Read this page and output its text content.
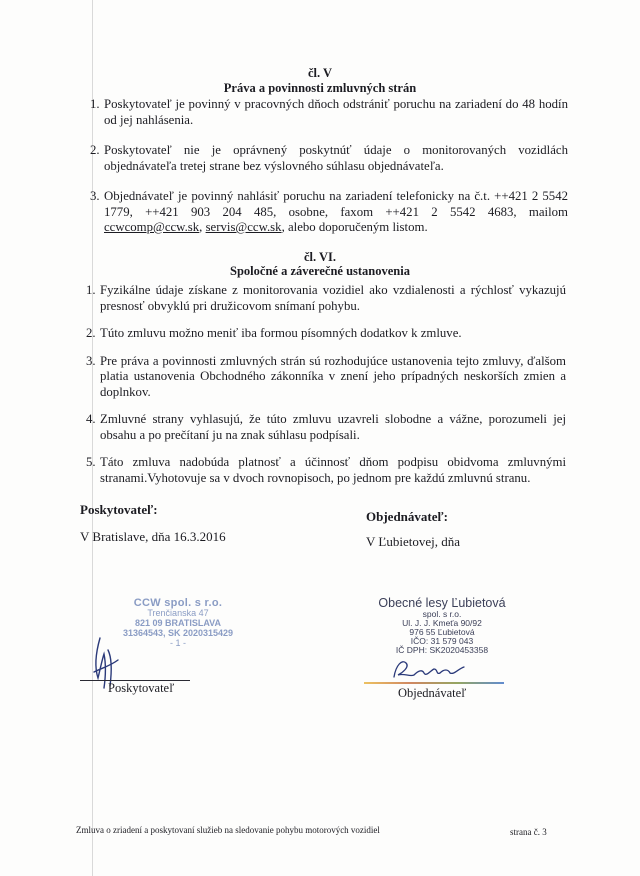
čl. V
Práva a povinnosti zmluvných strán
1. Poskytovateľ je povinný v pracovných dňoch odstrániť poruchu na zariadení do 48 hodín od jej nahlásenia.
2. Poskytovateľ nie je oprávnený poskytnúť údaje o monitorovaných vozidlách objednávateľa tretej strane bez výslovného súhlasu objednávateľa.
3. Objednávateľ je povinný nahlásiť poruchu na zariadení telefonicky na č.t. ++421 2 5542 1779, ++421 903 204 485, osobne, faxom ++421 2 5542 4683, mailom ccwcomp@ccw.sk, servis@ccw.sk, alebo doporučeným listom.
čl. VI.
Spoločné a záverečné ustanovenia
1. Fyzikálne údaje získane z monitorovania vozidiel ako vzdialenosti a rýchlosť vykazujú presnosť obvyklú pri družicovom snímaní pohybu.
2. Túto zmluvu možno meniť iba formou písomných dodatkov k zmluve.
3. Pre práva a povinnosti zmluvných strán sú rozhodujúce ustanovenia tejto zmluvy, ďalšom platia ustanovenia Obchodného zákonníka v znení jeho prípadných neskorších zmien a doplnkov.
4. Zmluvné strany vyhlasujú, že túto zmluvu uzavreli slobodne a vážne, porozumeli jej obsahu a po prečítaní ju na znak súhlasu podpísali.
5. Táto zmluva nadobúda platnosť a účinnosť dňom podpisu obidvoma zmluvnými stranami.Vyhotovuje sa v dvoch rovnopisoch, po jednom pre každú zmluvnú stranu.
Poskytovateľ:
V Bratislave, dňa 16.3.2016
Objednávateľ:
V Ľubietovej, dňa
CCW spol. s r.o.
Trenčianska 47
821 09 BRATISLAVA
31364543, SK 2020315429
- 1 -
Obecné lesy Ľubietová
spol. s r.o.
Ul. J. J. Kmeťa 90/92
976 55 Ľubietová
IČO: 31 579 043
IČ DPH: SK2020453358
Poskytovateľ	Objednávateľ
Zmluva o zriadení a poskytovaní služieb na sledovanie pohybu motorových vozidiel	strana č. 3
